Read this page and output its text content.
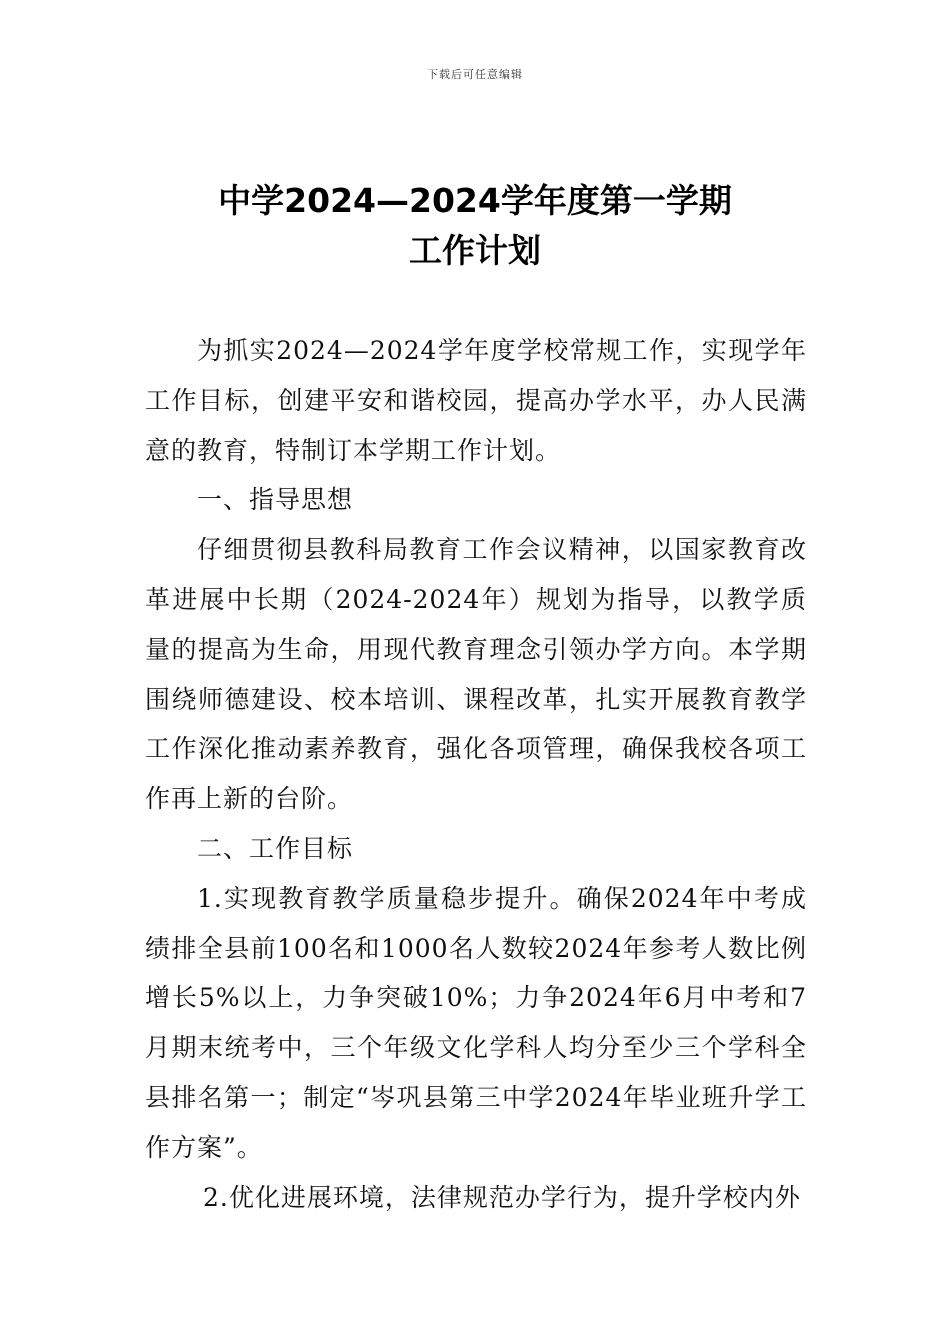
下载后可任意编辑
中学2024—2024学年度第一学期
工作计划

为抓实2024—2024学年度学校常规工作，实现学年工作目标，创建平安和谐校园，提高办学水平，办人民满意的教育，特制订本学期工作计划。

一、指导思想

仔细贯彻县教科局教育工作会议精神，以国家教育改革进展中长期（2024-2024年）规划为指导，以教学质量的提高为生命，用现代教育理念引领办学方向。本学期围绕师德建设、校本培训、课程改革，扎实开展教育教学工作深化推动素养教育，强化各项管理，确保我校各项工作再上新的台阶。

二、工作目标

1.实现教育教学质量稳步提升。确保2024年中考成绩排全县前100名和1000名人数较2024年参考人数比例增长5%以上，力争突破10%；力争2024年6月中考和7月期末统考中，三个年级文化学科人均分至少三个学科全县排名第一；制定“岑巩县第三中学2024年毕业班升学工作方案”。

2.优化进展环境，法律规范办学行为，提升学校内外
